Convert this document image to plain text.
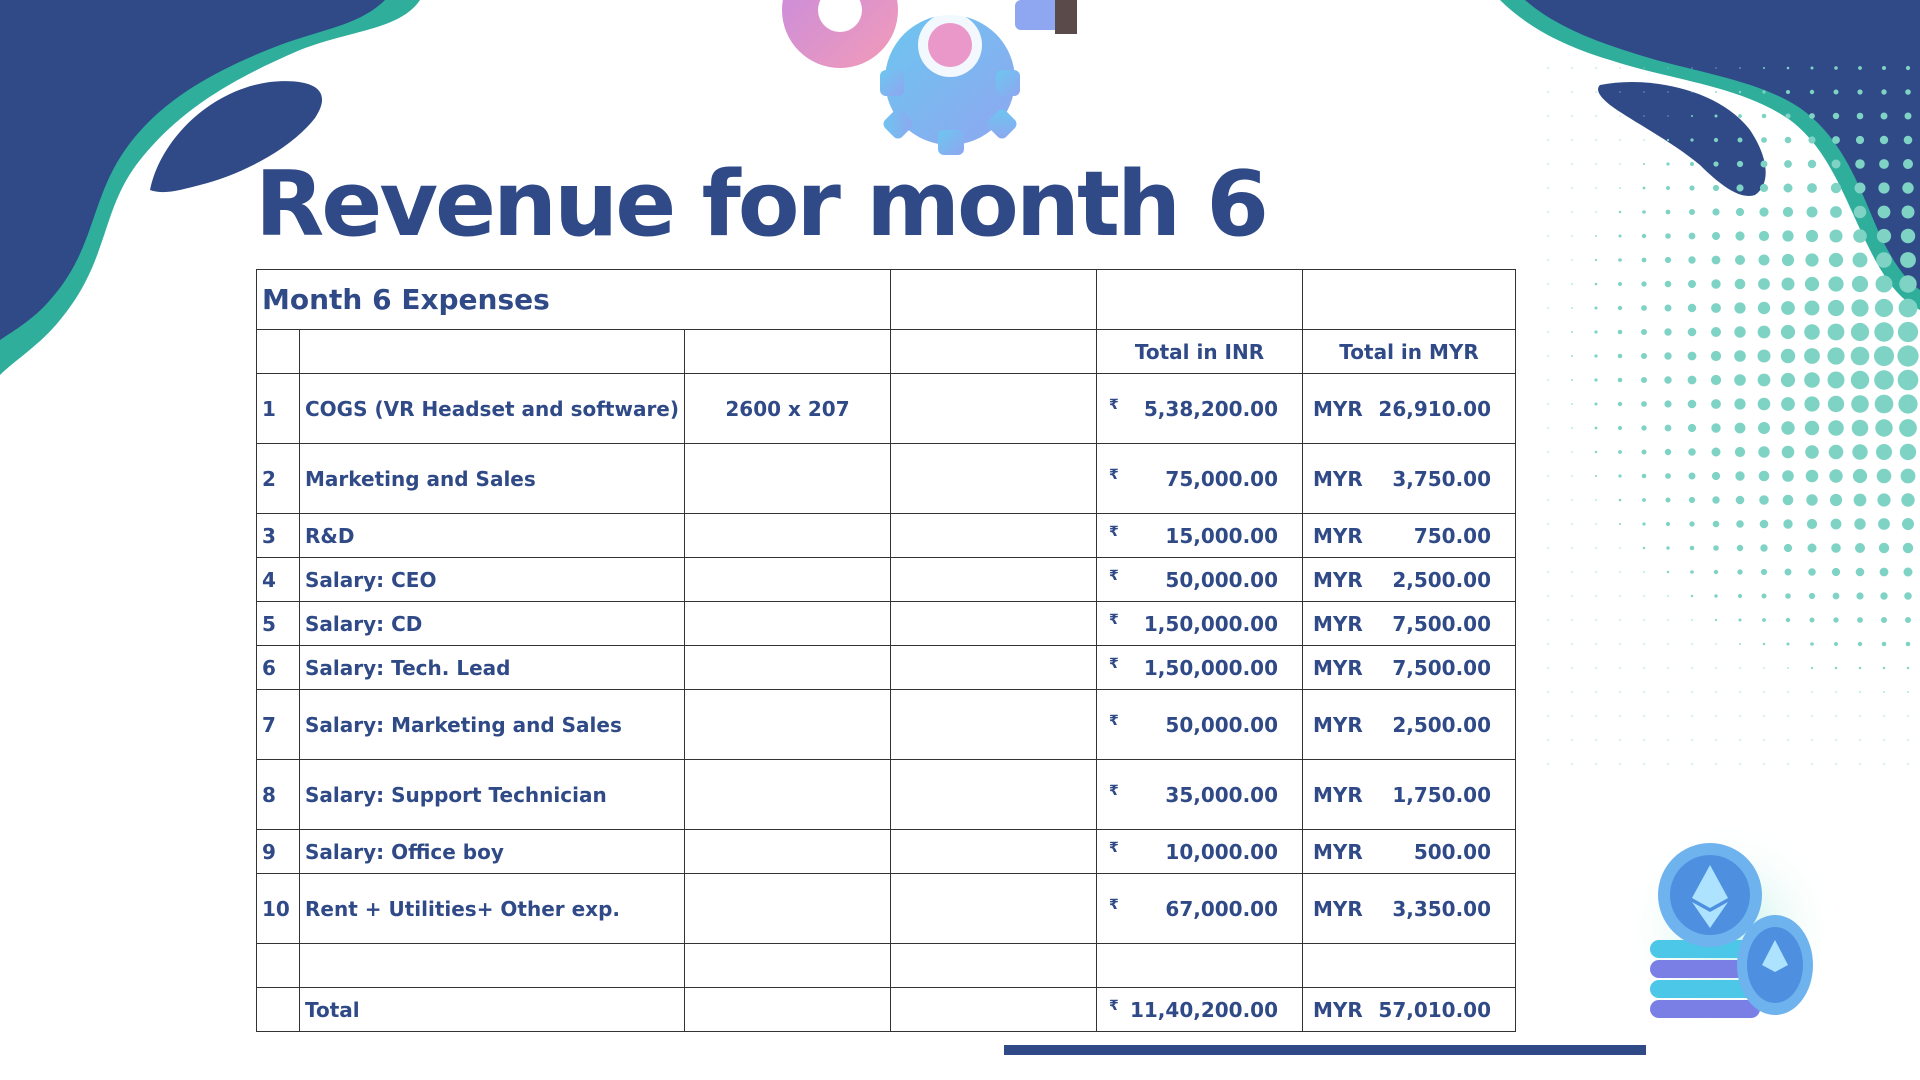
Revenue for month 6
Month 6 Expenses					
				Total in INR	Total in MYR
1	COGS (VR Headset and software)	2600 x 207		₹ 5,38,200.00	MYR 26,910.00
2	Marketing and Sales			₹ 75,000.00	MYR 3,750.00
3	R&D			₹ 15,000.00	MYR 750.00
4	Salary: CEO			₹ 50,000.00	MYR 2,500.00
5	Salary: CD			₹ 1,50,000.00	MYR 7,500.00
6	Salary: Tech. Lead			₹ 1,50,000.00	MYR 7,500.00
7	Salary: Marketing and Sales			₹ 50,000.00	MYR 2,500.00
8	Salary: Support Technician			₹ 35,000.00	MYR 1,750.00
9	Salary: Office boy			₹ 10,000.00	MYR 500.00
10	Rent + Utilities+ Other exp.			₹ 67,000.00	MYR 3,350.00

	Total			₹ 11,40,200.00	MYR 57,010.00
